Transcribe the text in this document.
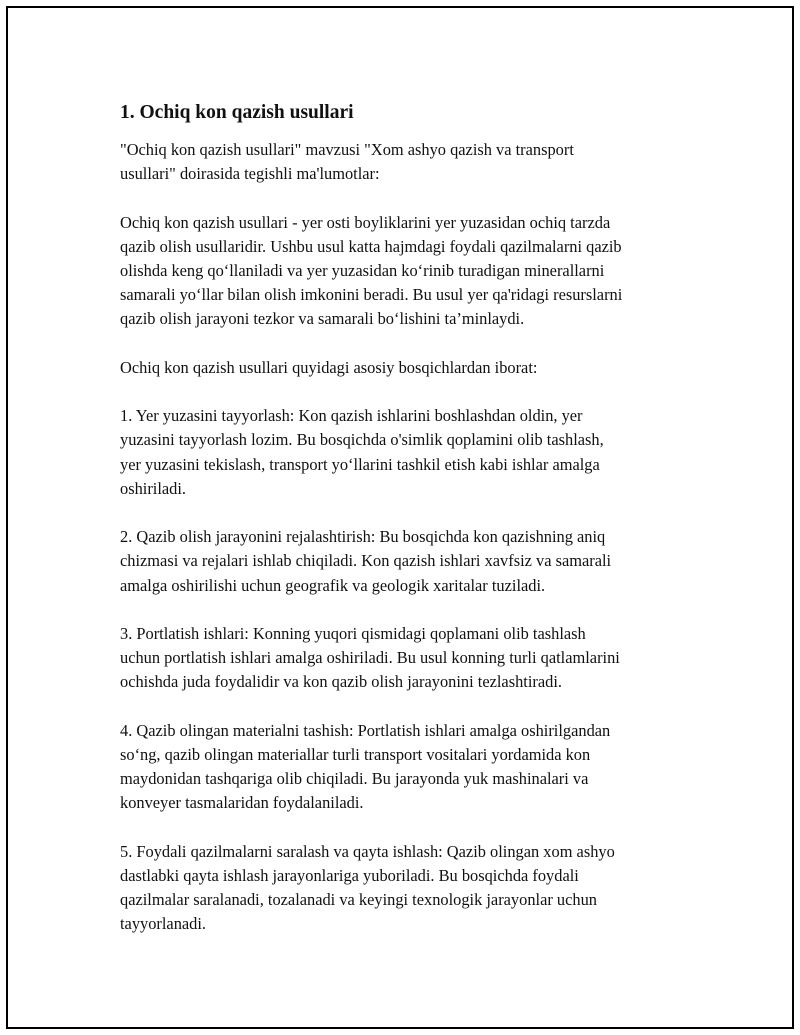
1. Ochiq kon qazish usullari

"Ochiq kon qazish usullari" mavzusi "Xom ashyo qazish va transport
usullari" doirasida tegishli ma'lumotlar:

Ochiq kon qazish usullari - yer osti boyliklarini yer yuzasidan ochiq tarzda
qazib olish usullaridir. Ushbu usul katta hajmdagi foydali qazilmalarni qazib
olishda keng qo‘llaniladi va yer yuzasidan ko‘rinib turadigan minerallarni
samarali yo‘llar bilan olish imkonini beradi. Bu usul yer qa'ridagi resurslarni
qazib olish jarayoni tezkor va samarali bo‘lishini ta’minlaydi.

Ochiq kon qazish usullari quyidagi asosiy bosqichlardan iborat:

1. Yer yuzasini tayyorlash: Kon qazish ishlarini boshlashdan oldin, yer
yuzasini tayyorlash lozim. Bu bosqichda o'simlik qoplamini olib tashlash,
yer yuzasini tekislash, transport yo‘llarini tashkil etish kabi ishlar amalga
oshiriladi.

2. Qazib olish jarayonini rejalashtirish: Bu bosqichda kon qazishning aniq
chizmasi va rejalari ishlab chiqiladi. Kon qazish ishlari xavfsiz va samarali
amalga oshirilishi uchun geografik va geologik xaritalar tuziladi.

3. Portlatish ishlari: Konning yuqori qismidagi qoplamani olib tashlash
uchun portlatish ishlari amalga oshiriladi. Bu usul konning turli qatlamlarini
ochishda juda foydalidir va kon qazib olish jarayonini tezlashtiradi.

4. Qazib olingan materialni tashish: Portlatish ishlari amalga oshirilgandan
so‘ng, qazib olingan materiallar turli transport vositalari yordamida kon
maydonidan tashqariga olib chiqiladi. Bu jarayonda yuk mashinalari va
konveyer tasmalaridan foydalaniladi.

5. Foydali qazilmalarni saralash va qayta ishlash: Qazib olingan xom ashyo
dastlabki qayta ishlash jarayonlariga yuboriladi. Bu bosqichda foydali
qazilmalar saralanadi, tozalanadi va keyingi texnologik jarayonlar uchun
tayyorlanadi.
